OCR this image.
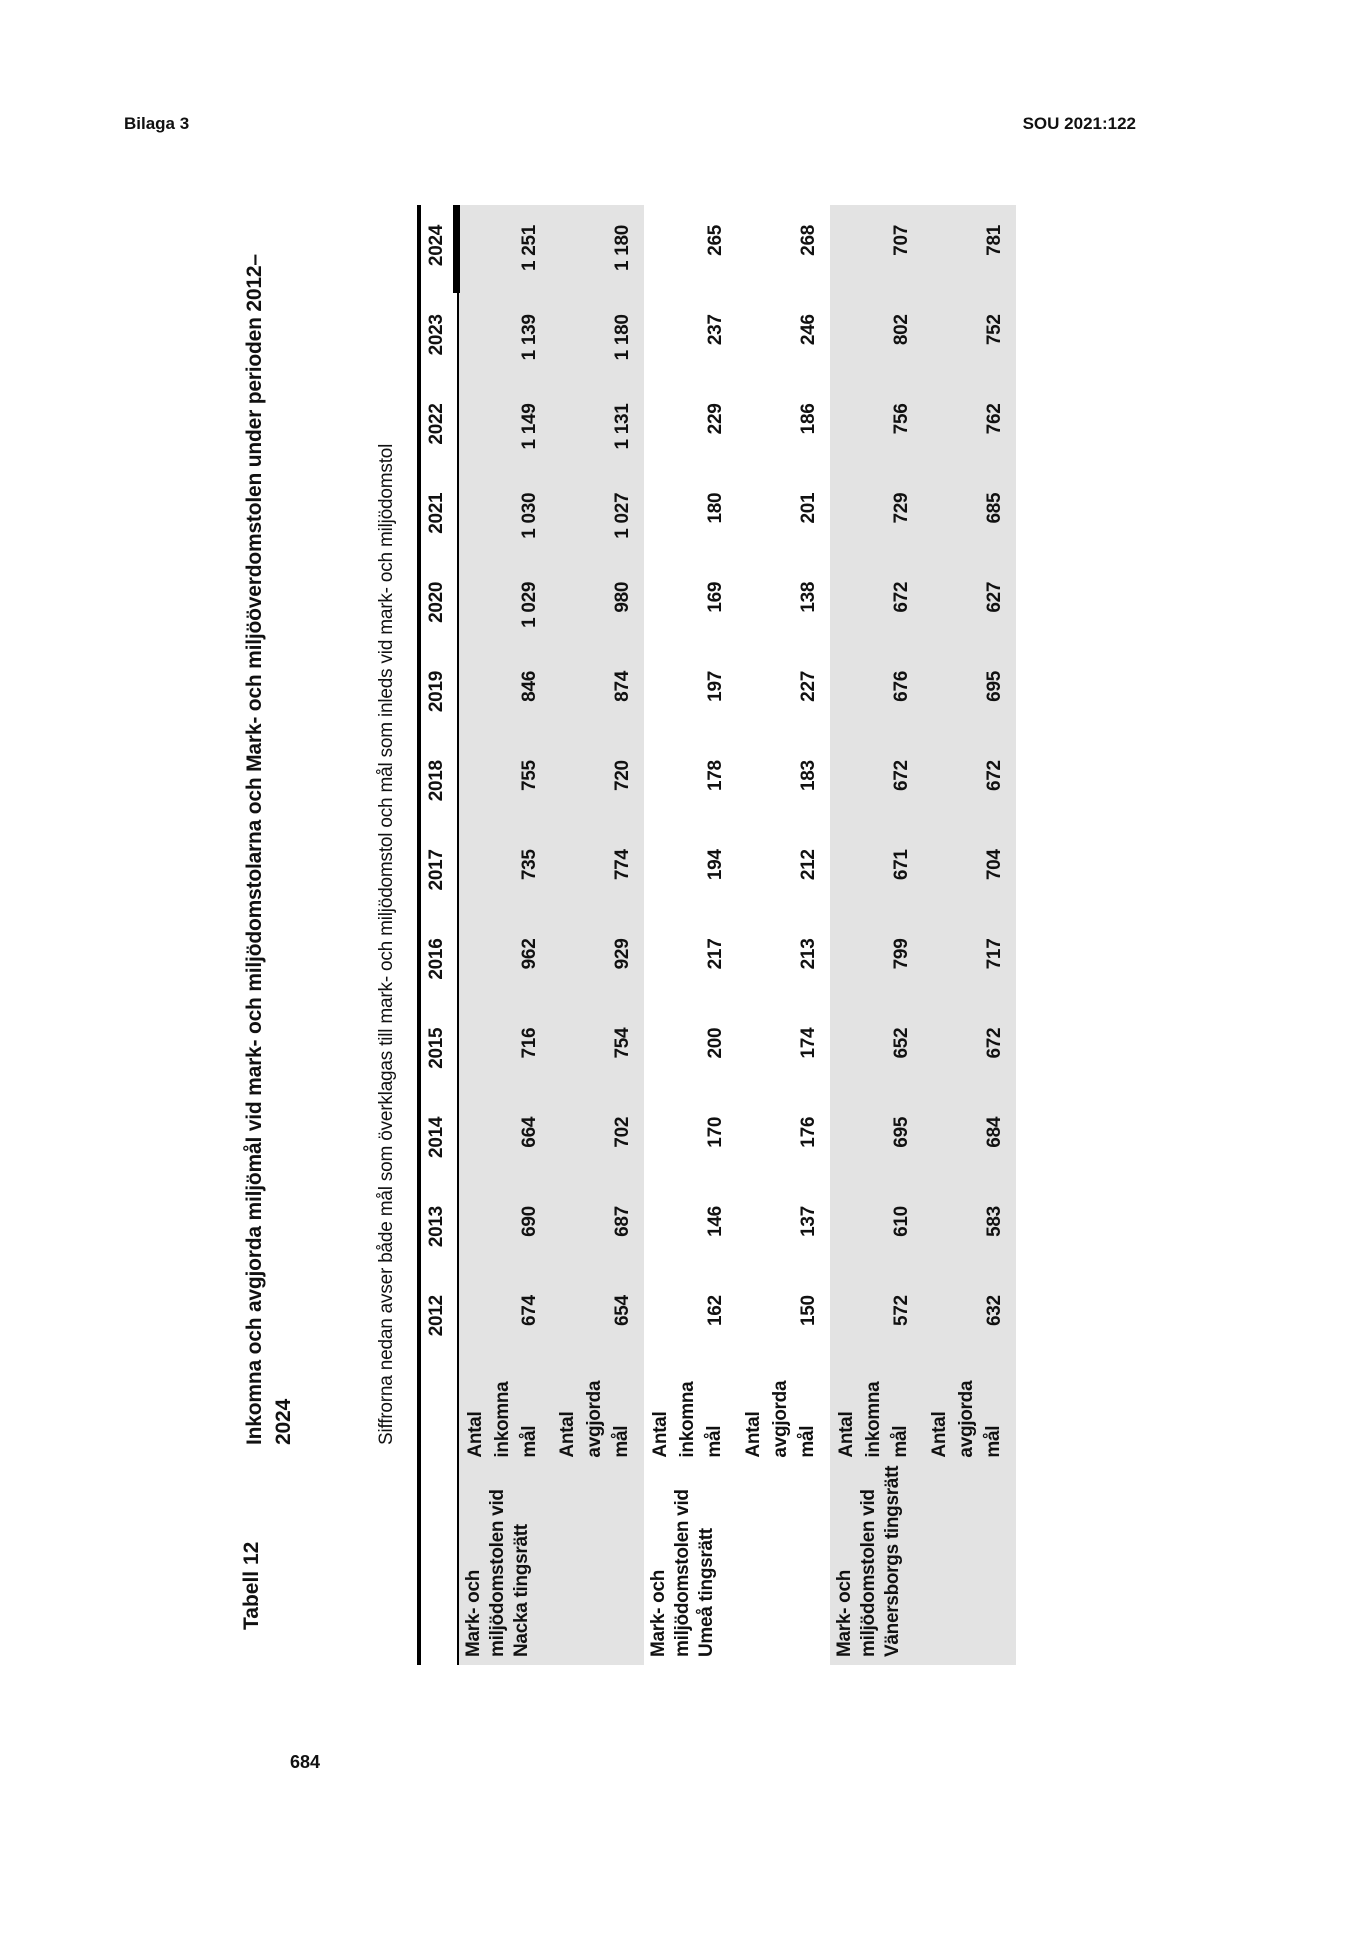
Bilaga 3	SOU 2021:122
Tabell 12
Inkomna och avgjorda miljömål vid mark- och miljödomstolarna och Mark- och miljööverdomstolen under perioden 2012–2024	Siffrorna nedan avser både mål som överklagas till mark- och miljödomstol och mål som inleds vid mark- och miljödomstol
		2012	2013	2014	2015	2016	2017	2018	2019	2020	2021	2022	2023	2024
Mark- och miljödomstolen vid Nacka tingsrätt	Antal inkomna mål	674	690	664	716	962	735	755	846	1 029	1 030	1 149	1 139	1 251
	Antal avgjorda mål	654	687	702	754	929	774	720	874	980	1 027	1 131	1 180	1 180
Mark- och miljödomstolen vid Umeå tingsrätt	Antal inkomna mål	162	146	170	200	217	194	178	197	169	180	229	237	265
	Antal avgjorda mål	150	137	176	174	213	212	183	227	138	201	186	246	268
Mark- och miljödomstolen vid Vänersborgs tingsrätt	Antal inkomna mål	572	610	695	652	799	671	672	676	672	729	756	802	707
	Antal avgjorda mål	632	583	684	672	717	704	672	695	627	685	762	752	781
684
